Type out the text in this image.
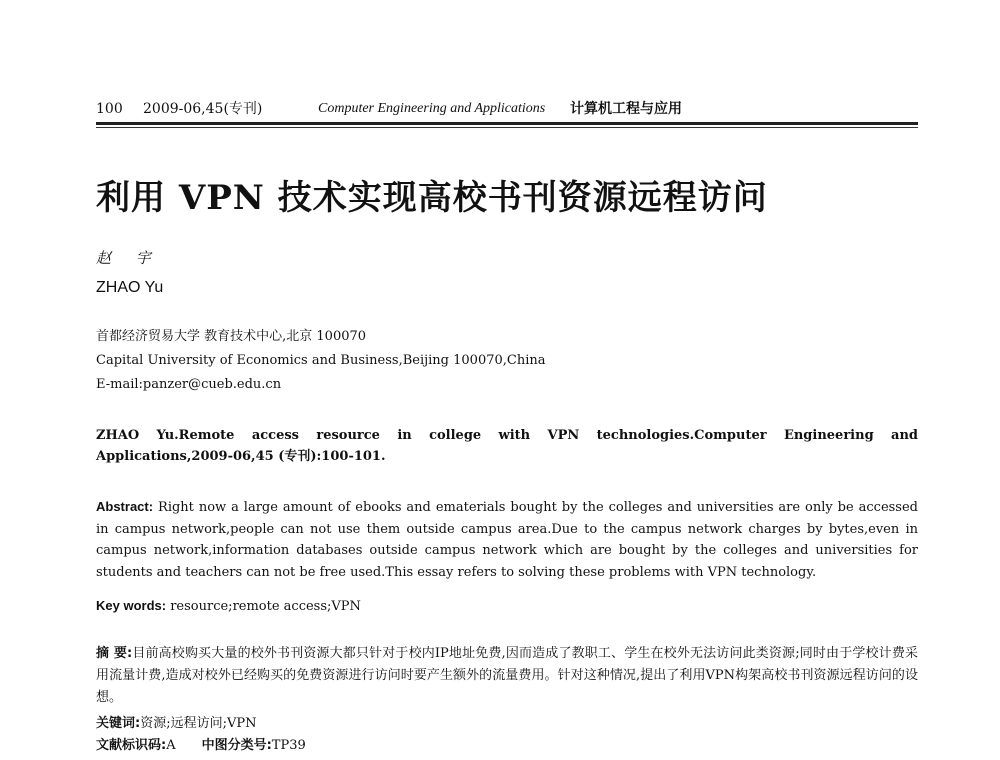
100 2009-06,45(专刊)	Computer Engineering and Applications 计算机工程与应用
利用 VPN 技术实现高校书刊资源远程访问
赵 宇
ZHAO Yu
首都经济贸易大学 教育技术中心,北京 100070
Capital University of Economics and Business,Beijing 100070,China
E-mail:panzer@cueb.edu.cn
ZHAO Yu.Remote access resource in college with VPN technologies.Computer Engineering and Applications,2009-06,45 (专刊):100-101.

Abstract: Right now a large amount of ebooks and ematerials bought by the colleges and universities are only be accessed in campus network,people can not use them outside campus area.Due to the campus network charges by bytes,even in campus network,information databases outside campus network which are bought by the colleges and universities for students and teachers can not be free used.This essay refers to solving these problems with VPN technology.

Key words: resource;remote access;VPN

摘 要:目前高校购买大量的校外书刊资源大都只针对于校内IP地址免费,因而造成了教职工、学生在校外无法访问此类资源;同时由于学校计费采用流量计费,造成对校外已经购买的免费资源进行访问时要产生额外的流量费用。针对这种情况,提出了利用VPN构架高校书刊资源远程访问的设想。

关键词:资源;远程访问;VPN
文献标识码:A 中图分类号:TP39
